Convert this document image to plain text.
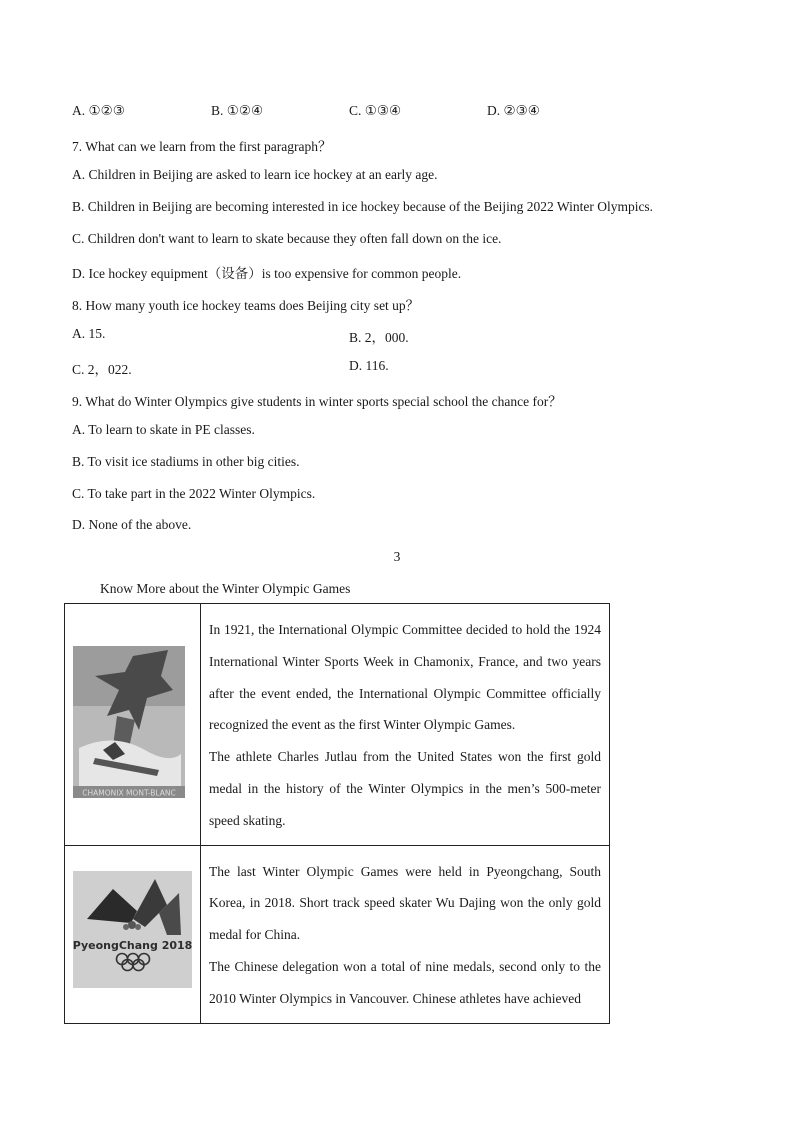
A. ①②③	B. ①②④	C. ①③④	D. ②③④
7. What can we learn from the first paragraph？
A. Children in Beijing are asked to learn ice hockey at an early age.
B. Children in Beijing are becoming interested in ice hockey because of the Beijing 2022 Winter Olympics.
C. Children don't want to learn to skate because they often fall down on the ice.
D. Ice hockey equipment（设备）is too expensive for common people.
8. How many youth ice hockey teams does Beijing city set up？
A. 15.	B. 2，000.
C. 2，022.	D. 116.
9. What do Winter Olympics give students in winter sports special school the chance for？
A. To learn to skate in PE classes.
B. To visit ice stadiums in other big cities.
C. To take part in the 2022 Winter Olympics.
D. None of the above.
3
Know More about the Winter Olympic Games
CHAMONIX MONT-BLANC	In 1921, the International Olympic Committee decided to hold the 1924 International Winter Sports Week in Chamonix, France, and two years after the event ended, the International Olympic Committee officially recognized the event as the first Winter Olympic Games.
The athlete Charles Jutlau from the United States won the first gold medal in the history of the Winter Olympics in the men’s 500-meter speed skating.

PyeongChang 2018	The last Winter Olympic Games were held in Pyeongchang, South Korea, in 2018. Short track speed skater Wu Dajing won the only gold medal for China.
The Chinese delegation won a total of nine medals, second only to the 2010 Winter Olympics in Vancouver. Chinese athletes have achieved
